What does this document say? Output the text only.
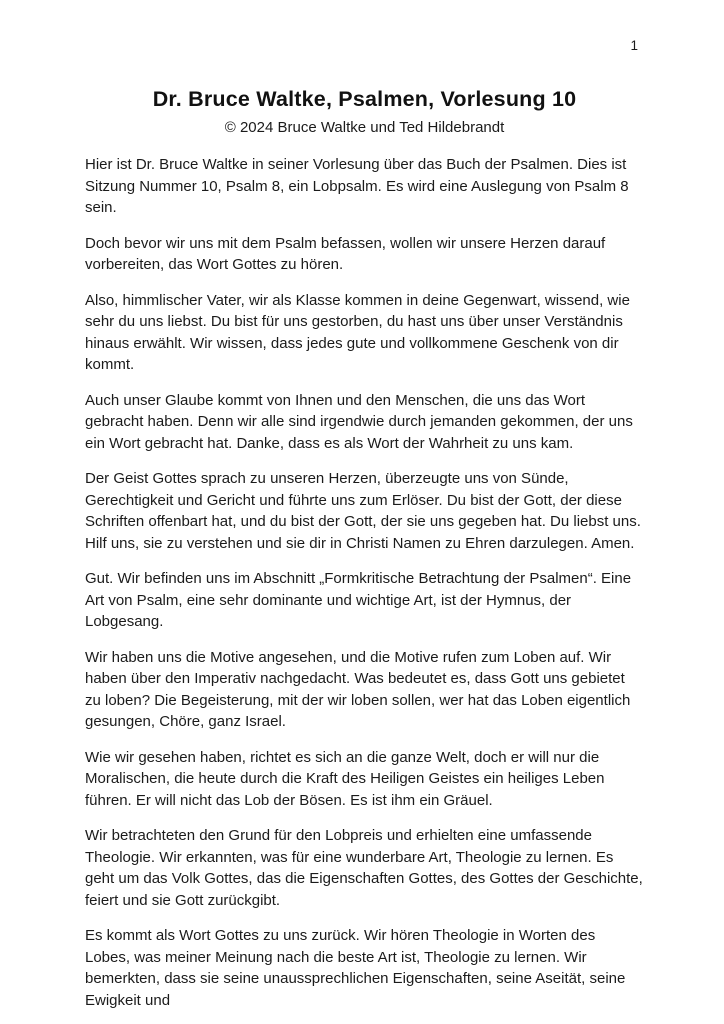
1
Dr. Bruce Waltke, Psalmen, Vorlesung 10
© 2024 Bruce Waltke und Ted Hildebrandt

Hier ist Dr. Bruce Waltke in seiner Vorlesung über das Buch der Psalmen. Dies ist Sitzung Nummer 10, Psalm 8, ein Lobpsalm. Es wird eine Auslegung von Psalm 8 sein.

Doch bevor wir uns mit dem Psalm befassen, wollen wir unsere Herzen darauf vorbereiten, das Wort Gottes zu hören.

Also, himmlischer Vater, wir als Klasse kommen in deine Gegenwart, wissend, wie sehr du uns liebst. Du bist für uns gestorben, du hast uns über unser Verständnis hinaus erwählt. Wir wissen, dass jedes gute und vollkommene Geschenk von dir kommt.

Auch unser Glaube kommt von Ihnen und den Menschen, die uns das Wort gebracht haben. Denn wir alle sind irgendwie durch jemanden gekommen, der uns ein Wort gebracht hat. Danke, dass es als Wort der Wahrheit zu uns kam.

Der Geist Gottes sprach zu unseren Herzen, überzeugte uns von Sünde, Gerechtigkeit und Gericht und führte uns zum Erlöser. Du bist der Gott, der diese Schriften offenbart hat, und du bist der Gott, der sie uns gegeben hat. Du liebst uns. Hilf uns, sie zu verstehen und sie dir in Christi Namen zu Ehren darzulegen. Amen.

Gut. Wir befinden uns im Abschnitt „Formkritische Betrachtung der Psalmen“. Eine Art von Psalm, eine sehr dominante und wichtige Art, ist der Hymnus, der Lobgesang.

Wir haben uns die Motive angesehen, und die Motive rufen zum Loben auf. Wir haben über den Imperativ nachgedacht. Was bedeutet es, dass Gott uns gebietet zu loben? Die Begeisterung, mit der wir loben sollen, wer hat das Loben eigentlich gesungen, Chöre, ganz Israel.

Wie wir gesehen haben, richtet es sich an die ganze Welt, doch er will nur die Moralischen, die heute durch die Kraft des Heiligen Geistes ein heiliges Leben führen. Er will nicht das Lob der Bösen. Es ist ihm ein Gräuel.

Wir betrachteten den Grund für den Lobpreis und erhielten eine umfassende Theologie. Wir erkannten, was für eine wunderbare Art, Theologie zu lernen. Es geht um das Volk Gottes, das die Eigenschaften Gottes, des Gottes der Geschichte, feiert und sie Gott zurückgibt.

Es kommt als Wort Gottes zu uns zurück. Wir hören Theologie in Worten des Lobes, was meiner Meinung nach die beste Art ist, Theologie zu lernen. Wir bemerkten, dass sie seine unaussprechlichen Eigenschaften, seine Aseität, seine Ewigkeit und
